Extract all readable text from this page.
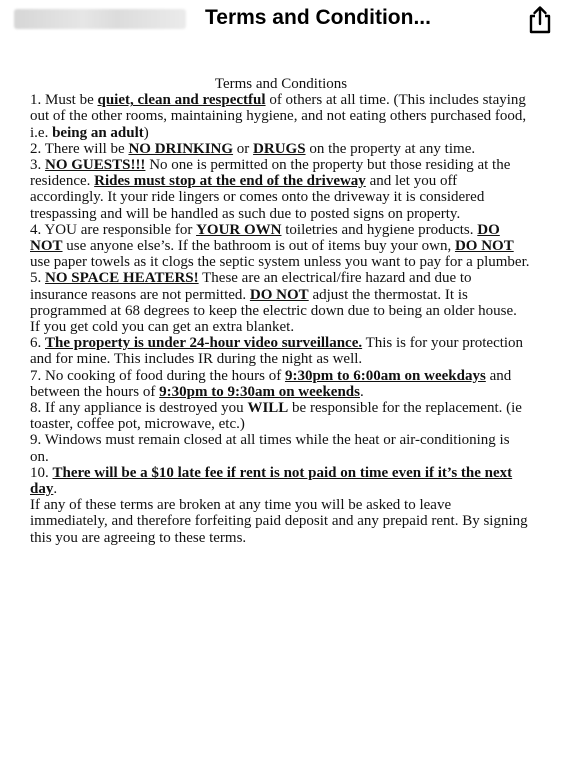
Terms and Condition...
Terms and Conditions

1. Must be quiet, clean and respectful of others at all time. (This includes staying out of the other rooms, maintaining hygiene, and not eating others purchased food, i.e. being an adult)

2. There will be NO DRINKING or DRUGS on the property at any time.

3. NO GUESTS!!! No one is permitted on the property but those residing at the residence. Rides must stop at the end of the driveway and let you off accordingly. It your ride lingers or comes onto the driveway it is considered trespassing and will be handled as such due to posted signs on property.

4. YOU are responsible for YOUR OWN toiletries and hygiene products. DO NOT use anyone else’s. If the bathroom is out of items buy your own, DO NOT use paper towels as it clogs the septic system unless you want to pay for a plumber.

5. NO SPACE HEATERS! These are an electrical/fire hazard and due to insurance reasons are not permitted. DO NOT adjust the thermostat. It is programmed at 68 degrees to keep the electric down due to being an older house. If you get cold you can get an extra blanket.

6. The property is under 24-hour video surveillance. This is for your protection and for mine. This includes IR during the night as well.

7. No cooking of food during the hours of 9:30pm to 6:00am on weekdays and between the hours of 9:30pm to 9:30am on weekends.

8. If any appliance is destroyed you WILL be responsible for the replacement. (ie toaster, coffee pot, microwave, etc.)

9. Windows must remain closed at all times while the heat or air-conditioning is on.

10. There will be a $10 late fee if rent is not paid on time even if it’s the next day.

If any of these terms are broken at any time you will be asked to leave immediately, and therefore forfeiting paid deposit and any prepaid rent. By signing this you are agreeing to these terms.
